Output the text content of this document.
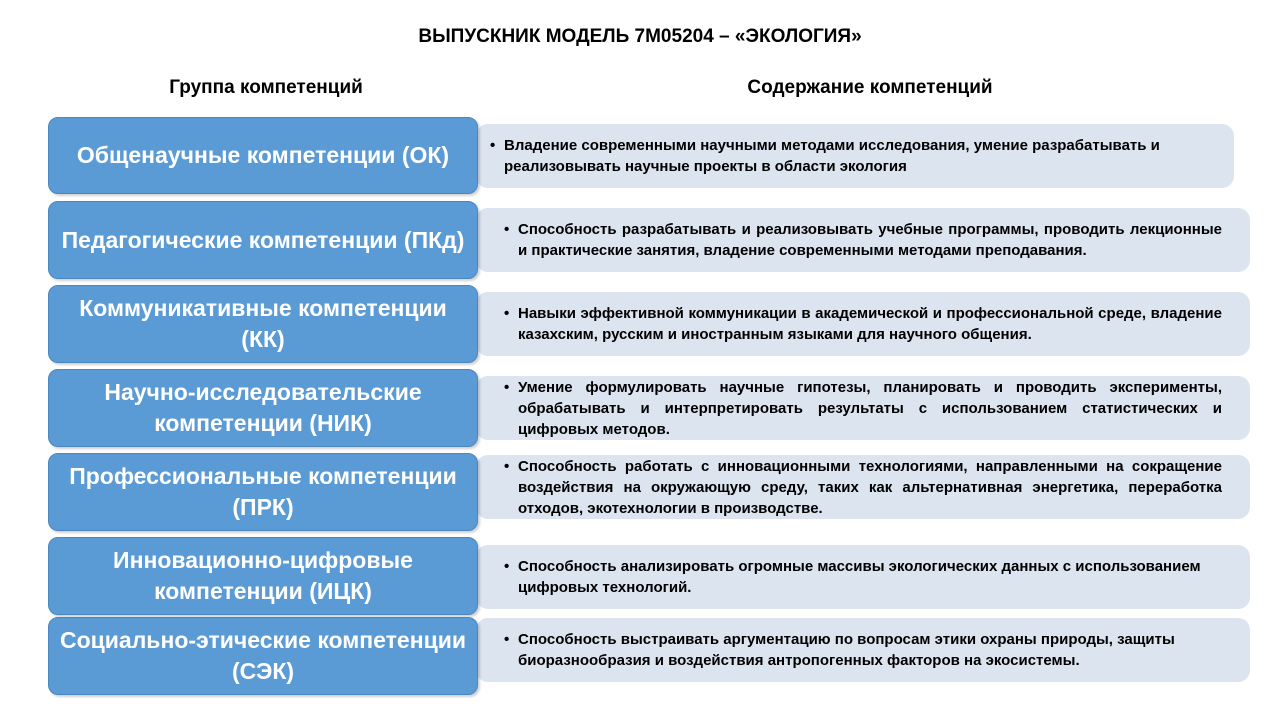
ВЫПУСКНИК МОДЕЛЬ 7М05204 – «ЭКОЛОГИЯ»
Группа компетенций	Содержание компетенций
• Владение современными научными методами исследования, умение разрабатывать и реализовывать научные проекты в области экология
Общенаучные компетенции (ОК)
• Способность разрабатывать и реализовывать учебные программы, проводить лекционные и практические занятия, владение современными методами преподавания.
Педагогические компетенции (ПКд)
• Навыки эффективной коммуникации в академической и профессиональной среде, владение казахским, русским и иностранным языками для научного общения.
Коммуникативные компетенции (КК)
• Умение формулировать научные гипотезы, планировать и проводить эксперименты, обрабатывать и интерпретировать результаты с использованием статистических и цифровых методов.
Научно-исследовательские компетенции (НИК)
• Способность работать с инновационными технологиями, направленными на сокращение воздействия на окружающую среду, таких как альтернативная энергетика, переработка отходов, экотехнологии в производстве.
Профессиональные компетенции (ПРК)
• Способность анализировать огромные массивы экологических данных с использованием цифровых технологий.
Инновационно-цифровые компетенции (ИЦК)
• Способность выстраивать аргументацию по вопросам этики охраны природы, защиты биоразнообразия и воздействия антропогенных факторов на экосистемы.
Социально-этические компетенции (СЭК)
